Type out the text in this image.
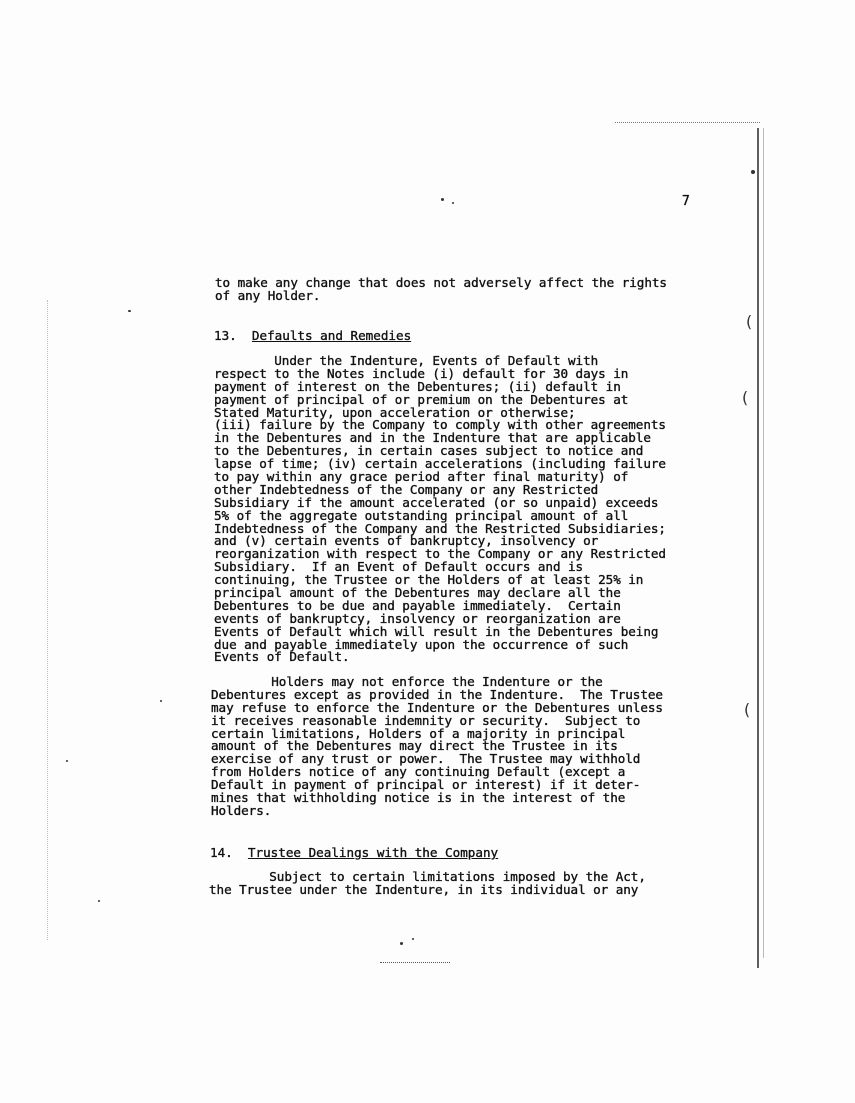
(
(
(
7
to make any change that does not adversely affect the rights
of any Holder.
13. Defaults and Remedies
Under the Indenture, Events of Default with
respect to the Notes include (i) default for 30 days in
payment of interest on the Debentures; (ii) default in
payment of principal of or premium on the Debentures at
Stated Maturity, upon acceleration or otherwise;
(iii) failure by the Company to comply with other agreements
in the Debentures and in the Indenture that are applicable
to the Debentures, in certain cases subject to notice and
lapse of time; (iv) certain accelerations (including failure
to pay within any grace period after final maturity) of
other Indebtedness of the Company or any Restricted
Subsidiary if the amount accelerated (or so unpaid) exceeds
5% of the aggregate outstanding principal amount of all
Indebtedness of the Company and the Restricted Subsidiaries;
and (v) certain events of bankruptcy, insolvency or
reorganization with respect to the Company or any Restricted
Subsidiary.  If an Event of Default occurs and is
continuing, the Trustee or the Holders of at least 25% in
principal amount of the Debentures may declare all the
Debentures to be due and payable immediately.  Certain
events of bankruptcy, insolvency or reorganization are
Events of Default which will result in the Debentures being
due and payable immediately upon the occurrence of such
Events of Default.
Holders may not enforce the Indenture or the
Debentures except as provided in the Indenture.  The Trustee
may refuse to enforce the Indenture or the Debentures unless
it receives reasonable indemnity or security.  Subject to
certain limitations, Holders of a majority in principal
amount of the Debentures may direct the Trustee in its
exercise of any trust or power.  The Trustee may withhold
from Holders notice of any continuing Default (except a
Default in payment of principal or interest) if it deter-
mines that withholding notice is in the interest of the
Holders.
14. Trustee Dealings with the Company
Subject to certain limitations imposed by the Act,
the Trustee under the Indenture, in its individual or any
